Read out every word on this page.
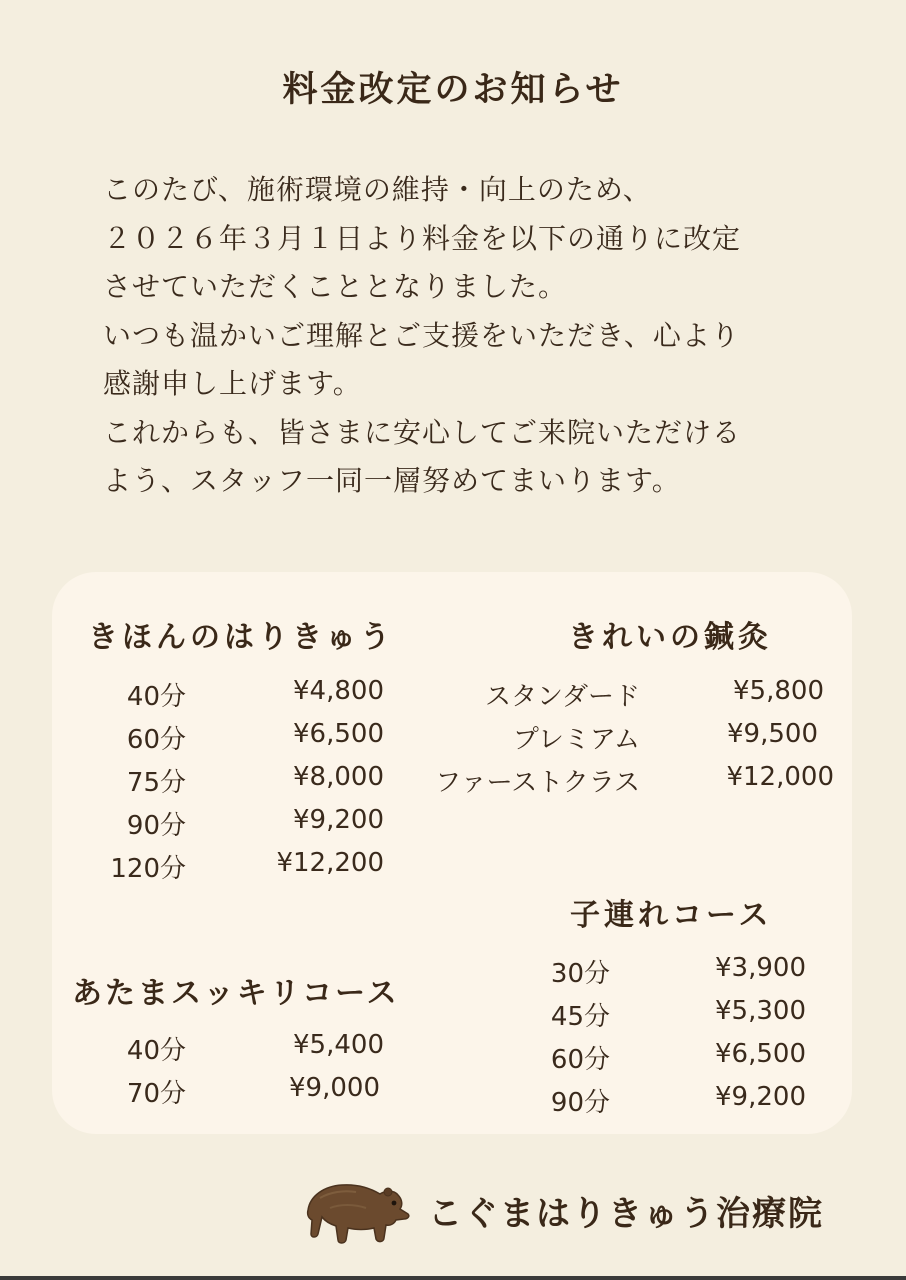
料金改定のお知らせ
このたび、施術環境の維持・向上のため、
２０２６年３月１日より料金を以下の通りに改定
させていただくこととなりました。
いつも温かいご理解とご支援をいただき、心より
感謝申し上げます。
これからも、皆さまに安心してご来院いただける
よう、スタッフ一同一層努めてまいります。
きほんのはりきゅう
40分	¥4,800
60分	¥6,500
75分	¥8,000
90分	¥9,200
120分	¥12,200
きれいの鍼灸
スタンダード	¥5,800
プレミアム	¥9,500
ファーストクラス	¥12,000
子連れコース
30分	¥3,900
45分	¥5,300
60分	¥6,500
90分	¥9,200
あたまスッキリコース
40分	¥5,400
70分	¥9,000
こぐまはりきゅう治療院
